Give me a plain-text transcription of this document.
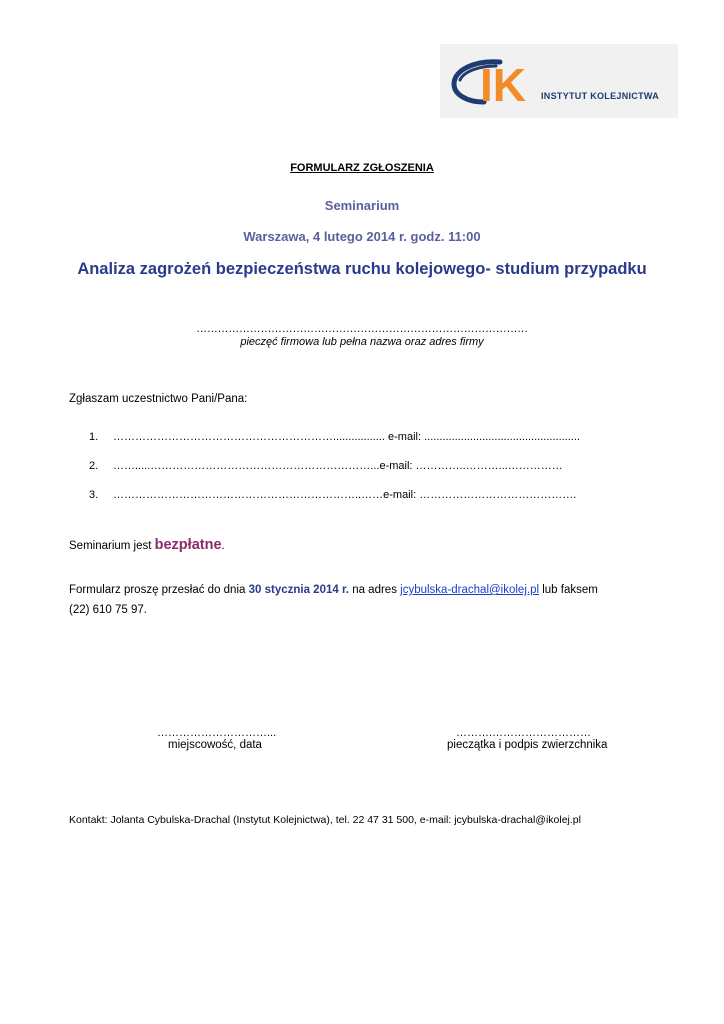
IK INSTYTUT KOLEJNICTWA
FORMULARZ ZGŁOSZENIA
Seminarium
Warszawa, 4 lutego 2014 r. godz. 11:00
Analiza zagrożeń bezpieczeństwa ruchu kolejowego- studium przypadku
…………………………………………………………………………………
pieczęć firmowa lub pełna nazwa oraz adres firmy
Zgłaszam uczestnictwo Pani/Pana:
1. ……………………………………………………................. e-mail: ...................................................
2. …….....……………………………………………………...e-mail: …………..………...……………
3. …………………………………………………………..……e-mail: …………………………………….
Seminarium jest bezpłatne.
Formularz proszę przesłać do dnia 30 stycznia 2014 r. na adres jcybulska-drachal@ikolej.pl lub faksem
(22) 610 75 97.
…………………………...
miejscowość, data
……….………………………
pieczątka i podpis zwierzchnika
Kontakt: Jolanta Cybulska-Drachal (Instytut Kolejnictwa), tel. 22 47 31 500, e-mail: jcybulska-drachal@ikolej.pl
